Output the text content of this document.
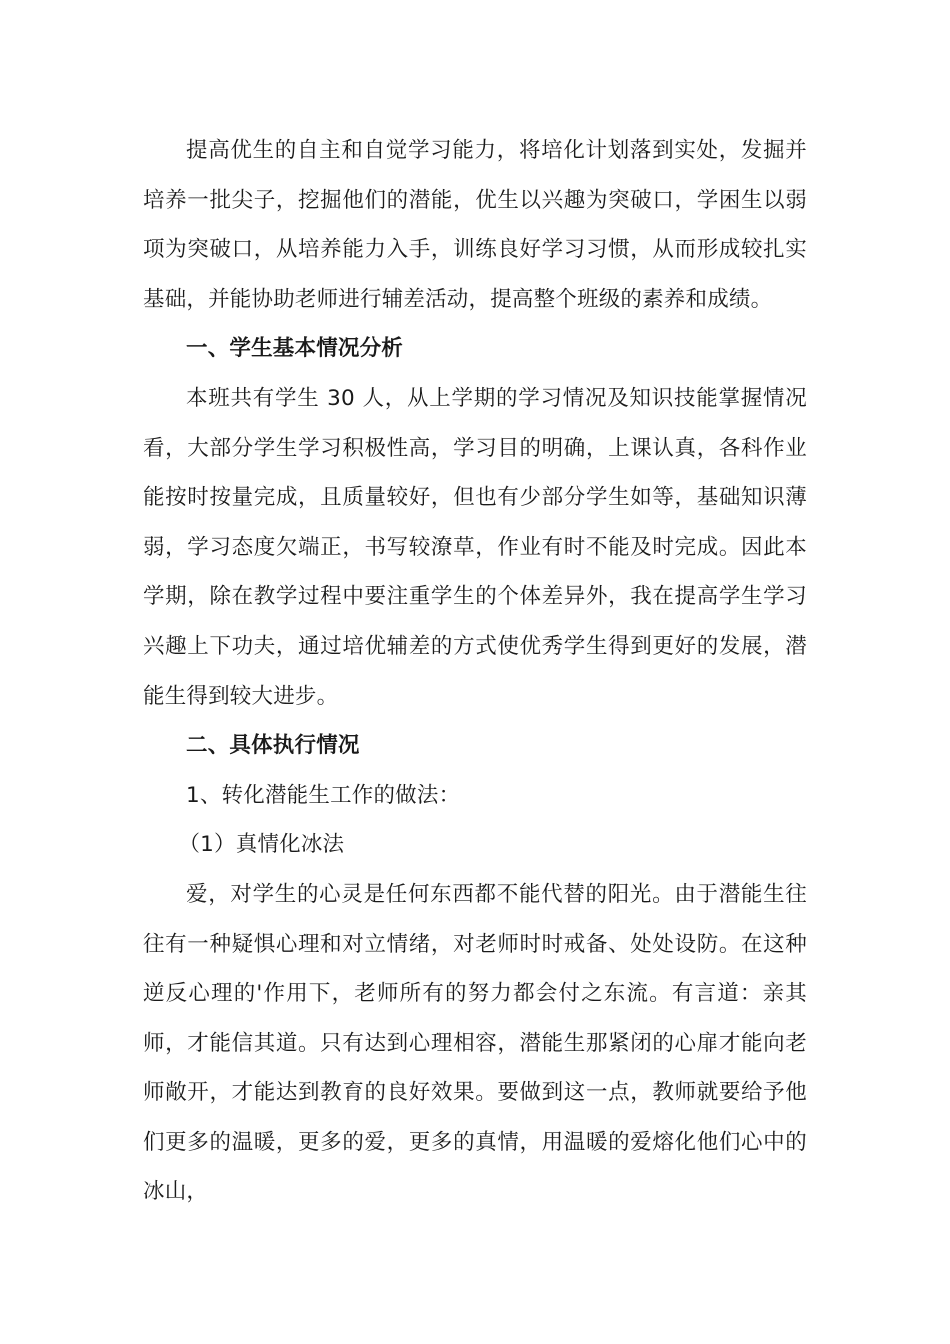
提高优生的自主和自觉学习能力，将培化计划落到实处，发掘并培养一批尖子，挖掘他们的潜能，优生以兴趣为突破口，学困生以弱项为突破口，从培养能力入手，训练良好学习习惯，从而形成较扎实基础，并能协助老师进行辅差活动，提高整个班级的素养和成绩。

一、学生基本情况分析

本班共有学生 30 人，从上学期的学习情况及知识技能掌握情况看，大部分学生学习积极性高，学习目的明确，上课认真，各科作业能按时按量完成，且质量较好，但也有少部分学生如等，基础知识薄弱，学习态度欠端正，书写较潦草，作业有时不能及时完成。因此本学期，除在教学过程中要注重学生的个体差异外，我在提高学生学习兴趣上下功夫，通过培优辅差的方式使优秀学生得到更好的发展，潜能生得到较大进步。

二、具体执行情况

1、转化潜能生工作的做法：

（1）真情化冰法

爱，对学生的心灵是任何东西都不能代替的阳光。由于潜能生往往有一种疑惧心理和对立情绪，对老师时时戒备、处处设防。在这种逆反心理的'作用下，老师所有的努力都会付之东流。有言道：亲其师，才能信其道。只有达到心理相容，潜能生那紧闭的心扉才能向老师敞开，才能达到教育的良好效果。要做到这一点，教师就要给予他们更多的温暖，更多的爱，更多的真情，用温暖的爱熔化他们心中的冰山，
